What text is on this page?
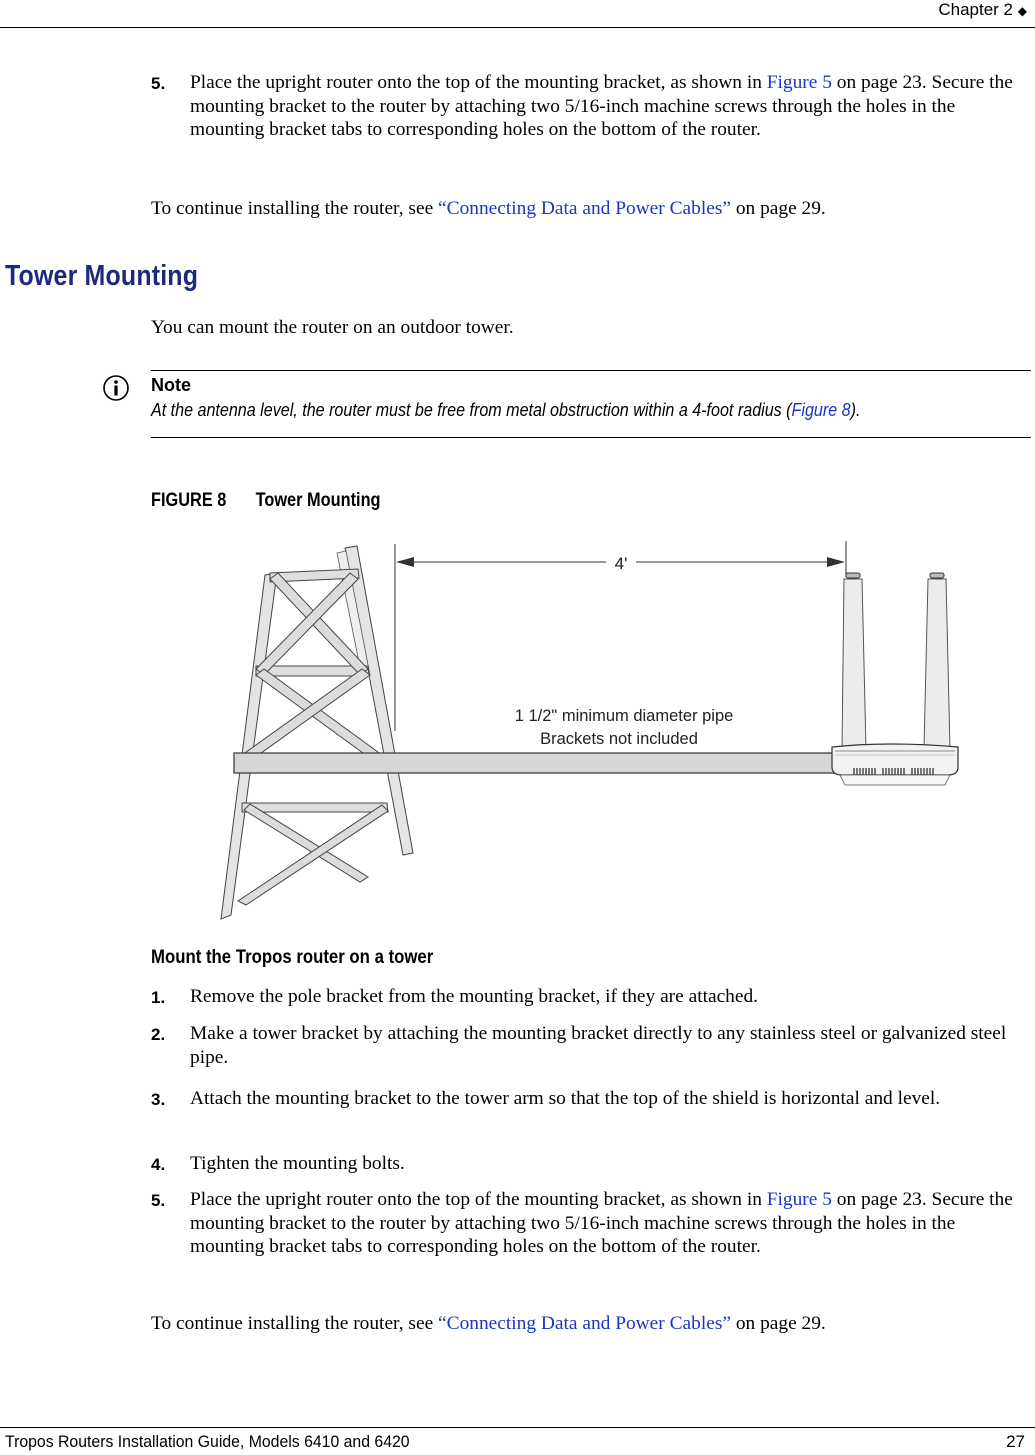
Chapter 2 ◆
5. Place the upright router onto the top of the mounting bracket, as shown in Figure 5 on page 23. Secure the mounting bracket to the router by attaching two 5/16-inch machine screws through the holes in the mounting bracket tabs to corresponding holes on the bottom of the router.
To continue installing the router, see “Connecting Data and Power Cables” on page 29.
Tower Mounting
You can mount the router on an outdoor tower.
Note
At the antenna level, the router must be free from metal obstruction within a 4-foot radius (Figure 8).
FIGURE 8 Tower Mounting
4'
1 1/2" minimum diameter pipe
Brackets not included
Mount the Tropos router on a tower
1. Remove the pole bracket from the mounting bracket, if they are attached.
2. Make a tower bracket by attaching the mounting bracket directly to any stainless steel or galvanized steel pipe.
3. Attach the mounting bracket to the tower arm so that the top of the shield is horizontal and level.
4. Tighten the mounting bolts.
5. Place the upright router onto the top of the mounting bracket, as shown in Figure 5 on page 23. Secure the mounting bracket to the router by attaching two 5/16-inch machine screws through the holes in the mounting bracket tabs to corresponding holes on the bottom of the router.
To continue installing the router, see “Connecting Data and Power Cables” on page 29.
Tropos Routers Installation Guide, Models 6410 and 6420	27
